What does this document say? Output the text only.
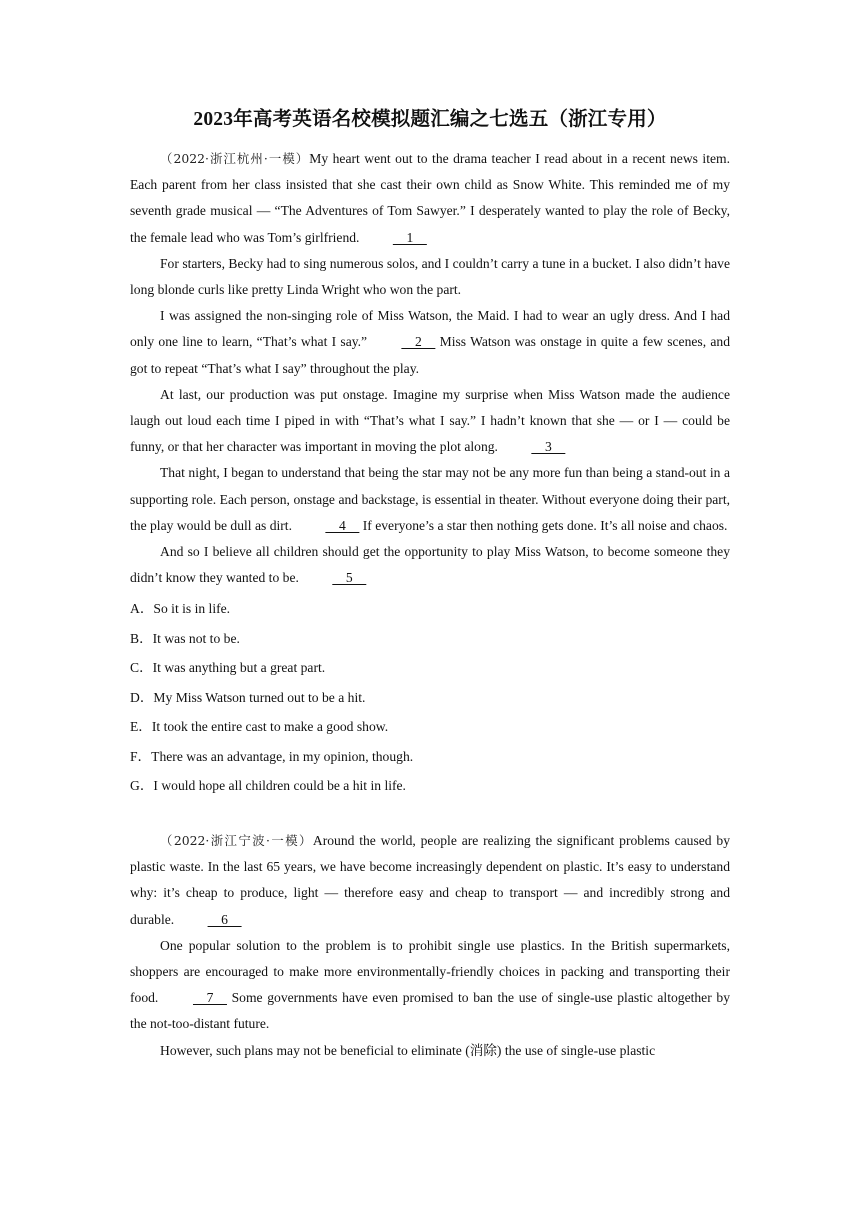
2023年高考英语名校模拟题汇编之七选五（浙江专用）

（2022·浙江杭州·一模）My heart went out to the drama teacher I read about in a recent news item. Each parent from her class insisted that she cast their own child as Snow White. This reminded me of my seventh grade musical — “The Adventures of Tom Sawyer.” I desperately wanted to play the role of Becky, the female lead who was Tom’s girlfriend.     1

For starters, Becky had to sing numerous solos, and I couldn’t carry a tune in a bucket. I also didn’t have long blonde curls like pretty Linda Wright who won the part.

I was assigned the non-singing role of Miss Watson, the Maid. I had to wear an ugly dress. And I had only one line to learn, “That’s what I say.”	2     Miss Watson was onstage in quite a few scenes, and got to repeat “That’s what I say” throughout the play.

At last, our production was put onstage. Imagine my surprise when Miss Watson made the audience laugh out loud each time I piped in with “That’s what I say.” I hadn’t known that she — or I — could be funny, or that her character was important in moving the plot along.     3

That night, I began to understand that being the star may not be any more fun than being a stand-out in a supporting role. Each person, onstage and backstage, is essential in theater. Without everyone doing their part, the play would be dull as dirt.     4     If everyone’s a star then nothing gets done. It’s all noise and chaos.

And so I believe all children should get the opportunity to play Miss Watson, to become someone they didn’t know they wanted to be.     5

A．So it is in life.
B．It was not to be.
C．It was anything but a great part.
D．My Miss Watson turned out to be a hit.
E．It took the entire cast to make a good show.
F．There was an advantage, in my opinion, though.
G．I would hope all children could be a hit in life.

（2022·浙江宁波·一模）Around the world, people are realizing the significant problems caused by plastic waste. In the last 65 years, we have become increasingly dependent on plastic. It’s easy to understand why: it’s cheap to produce, light — therefore easy and cheap to transport — and incredibly strong and durable.     6

One popular solution to the problem is to prohibit single use plastics. In the British supermarkets, shoppers are encouraged to make more environmentally-friendly choices in packing and transporting their food.	7     Some governments have even promised to ban the use of single-use plastic altogether by the not-too-distant future.

However, such plans may not be beneficial to eliminate (消除) the use of single-use plastic
